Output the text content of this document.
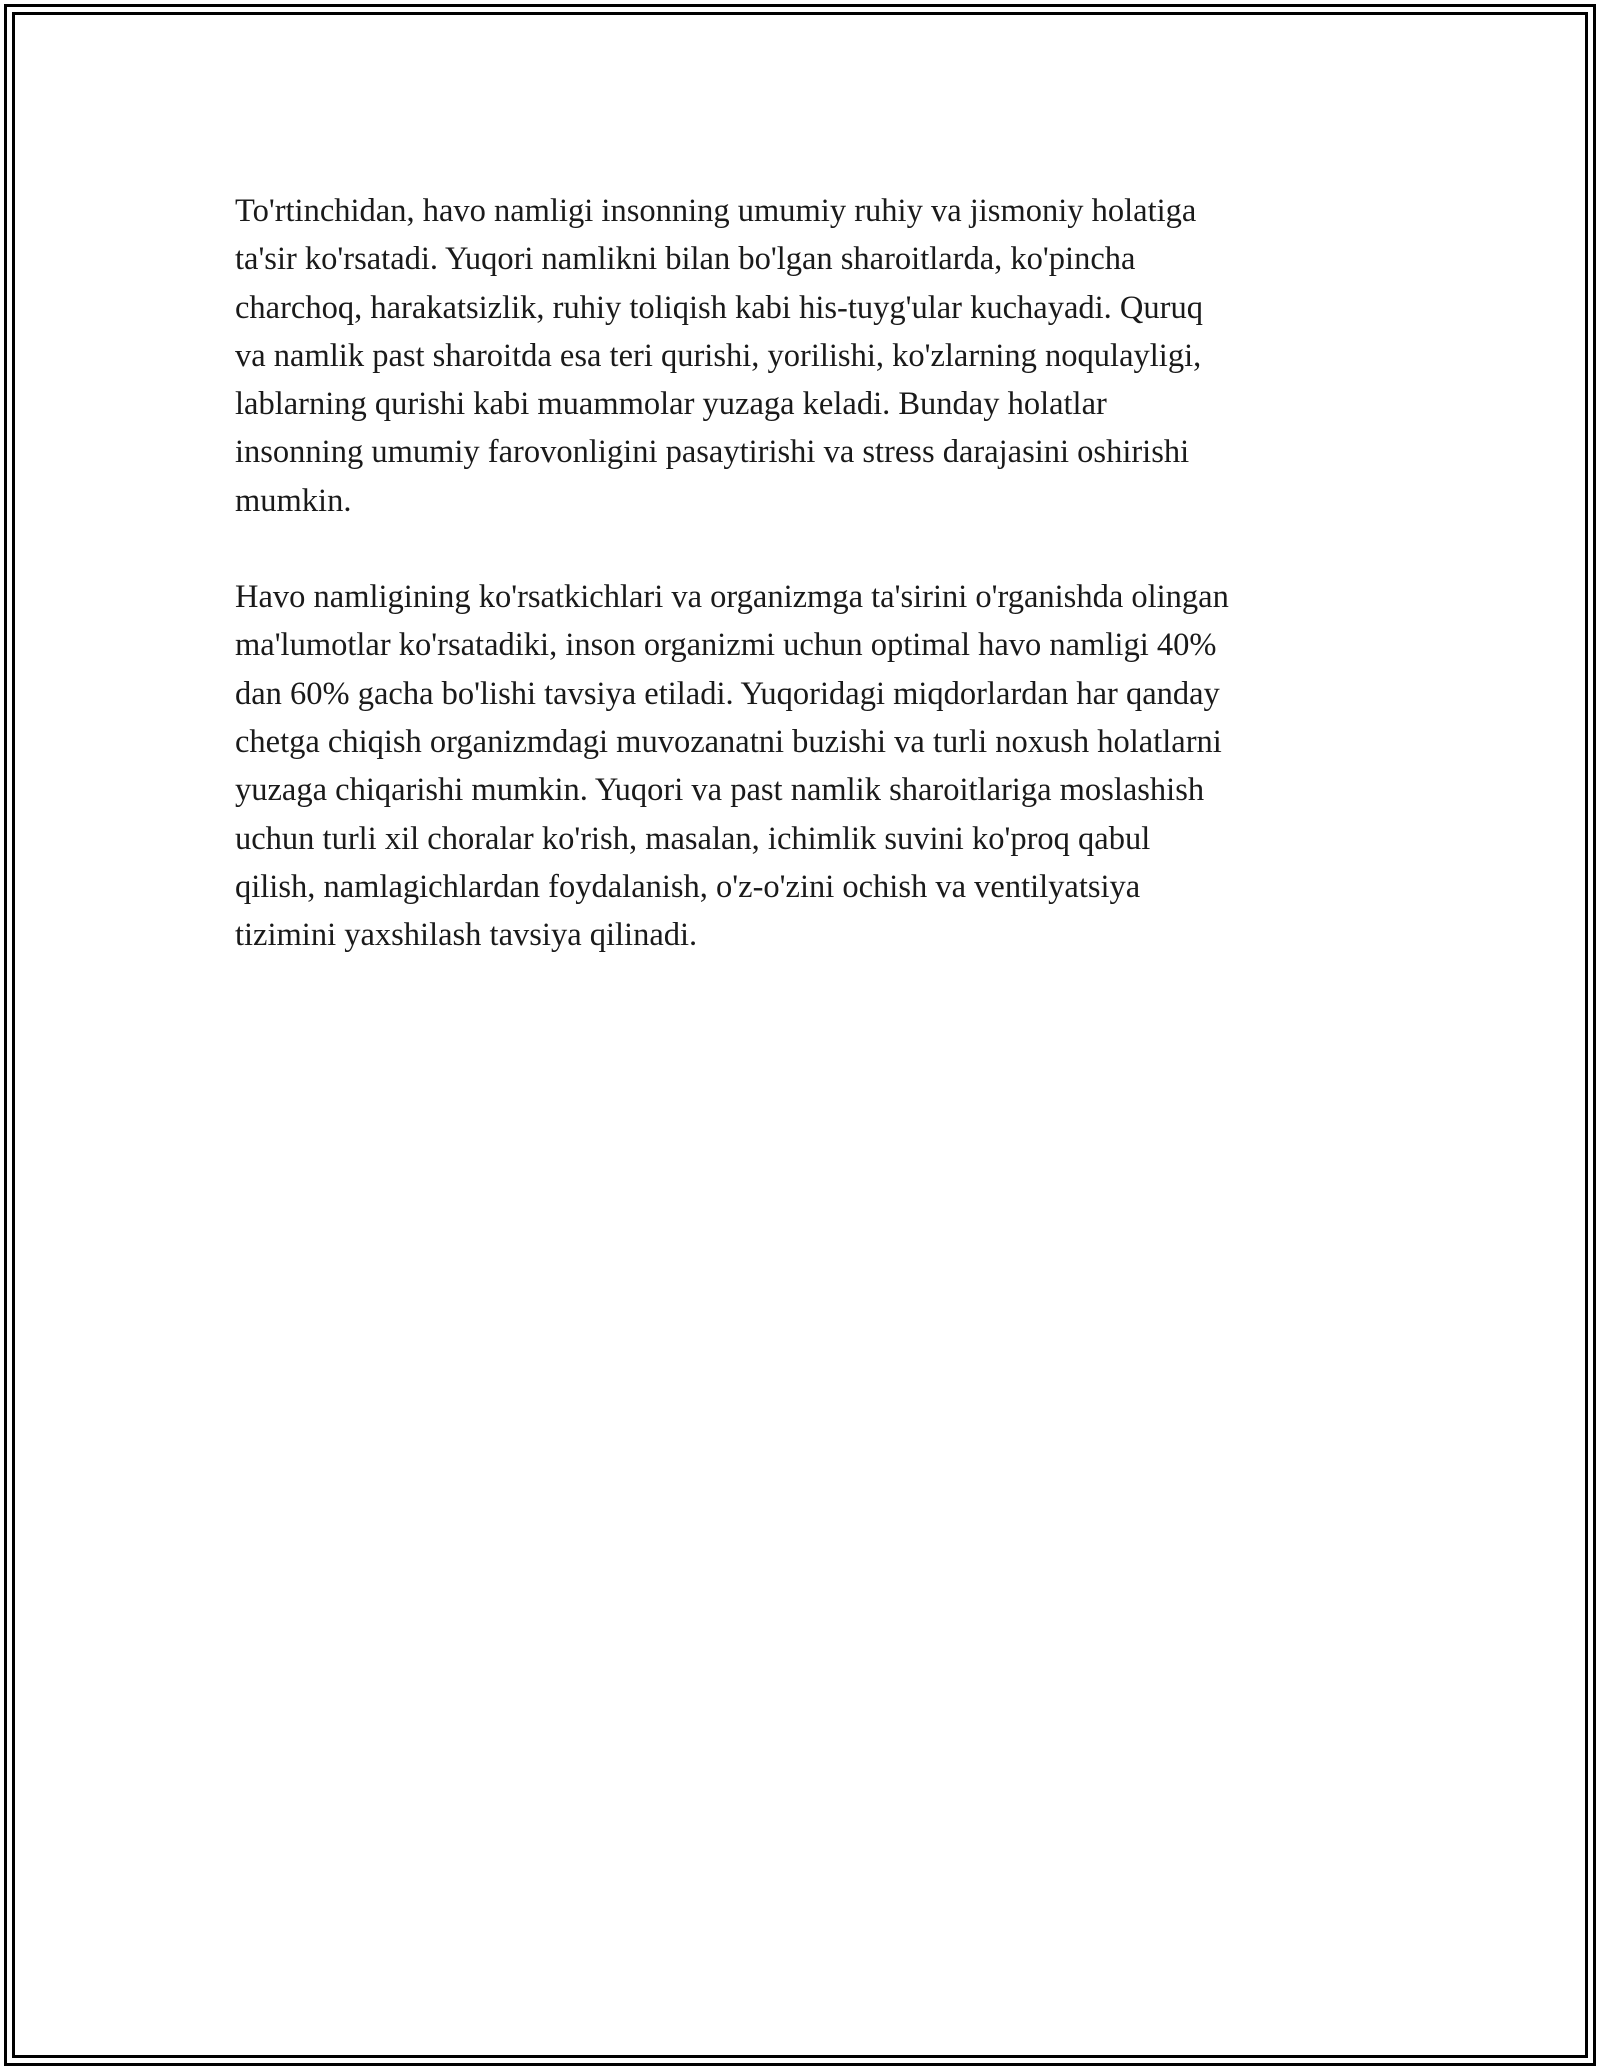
To'rtinchidan, havo namligi insonning umumiy ruhiy va jismoniy holatiga
ta'sir ko'rsatadi. Yuqori namlikni bilan bo'lgan sharoitlarda, ko'pincha
charchoq, harakatsizlik, ruhiy toliqish kabi his-tuyg'ular kuchayadi. Quruq
va namlik past sharoitda esa teri qurishi, yorilishi, ko'zlarning noqulayligi,
lablarning qurishi kabi muammolar yuzaga keladi. Bunday holatlar
insonning umumiy farovonligini pasaytirishi va stress darajasini oshirishi
mumkin.

Havo namligining ko'rsatkichlari va organizmga ta'sirini o'rganishda olingan
ma'lumotlar ko'rsatadiki, inson organizmi uchun optimal havo namligi 40%
dan 60% gacha bo'lishi tavsiya etiladi. Yuqoridagi miqdorlardan har qanday
chetga chiqish organizmdagi muvozanatni buzishi va turli noxush holatlarni
yuzaga chiqarishi mumkin. Yuqori va past namlik sharoitlariga moslashish
uchun turli xil choralar ko'rish, masalan, ichimlik suvini ko'proq qabul
qilish, namlagichlardan foydalanish, o'z-o'zini ochish va ventilyatsiya
tizimini yaxshilash tavsiya qilinadi.
